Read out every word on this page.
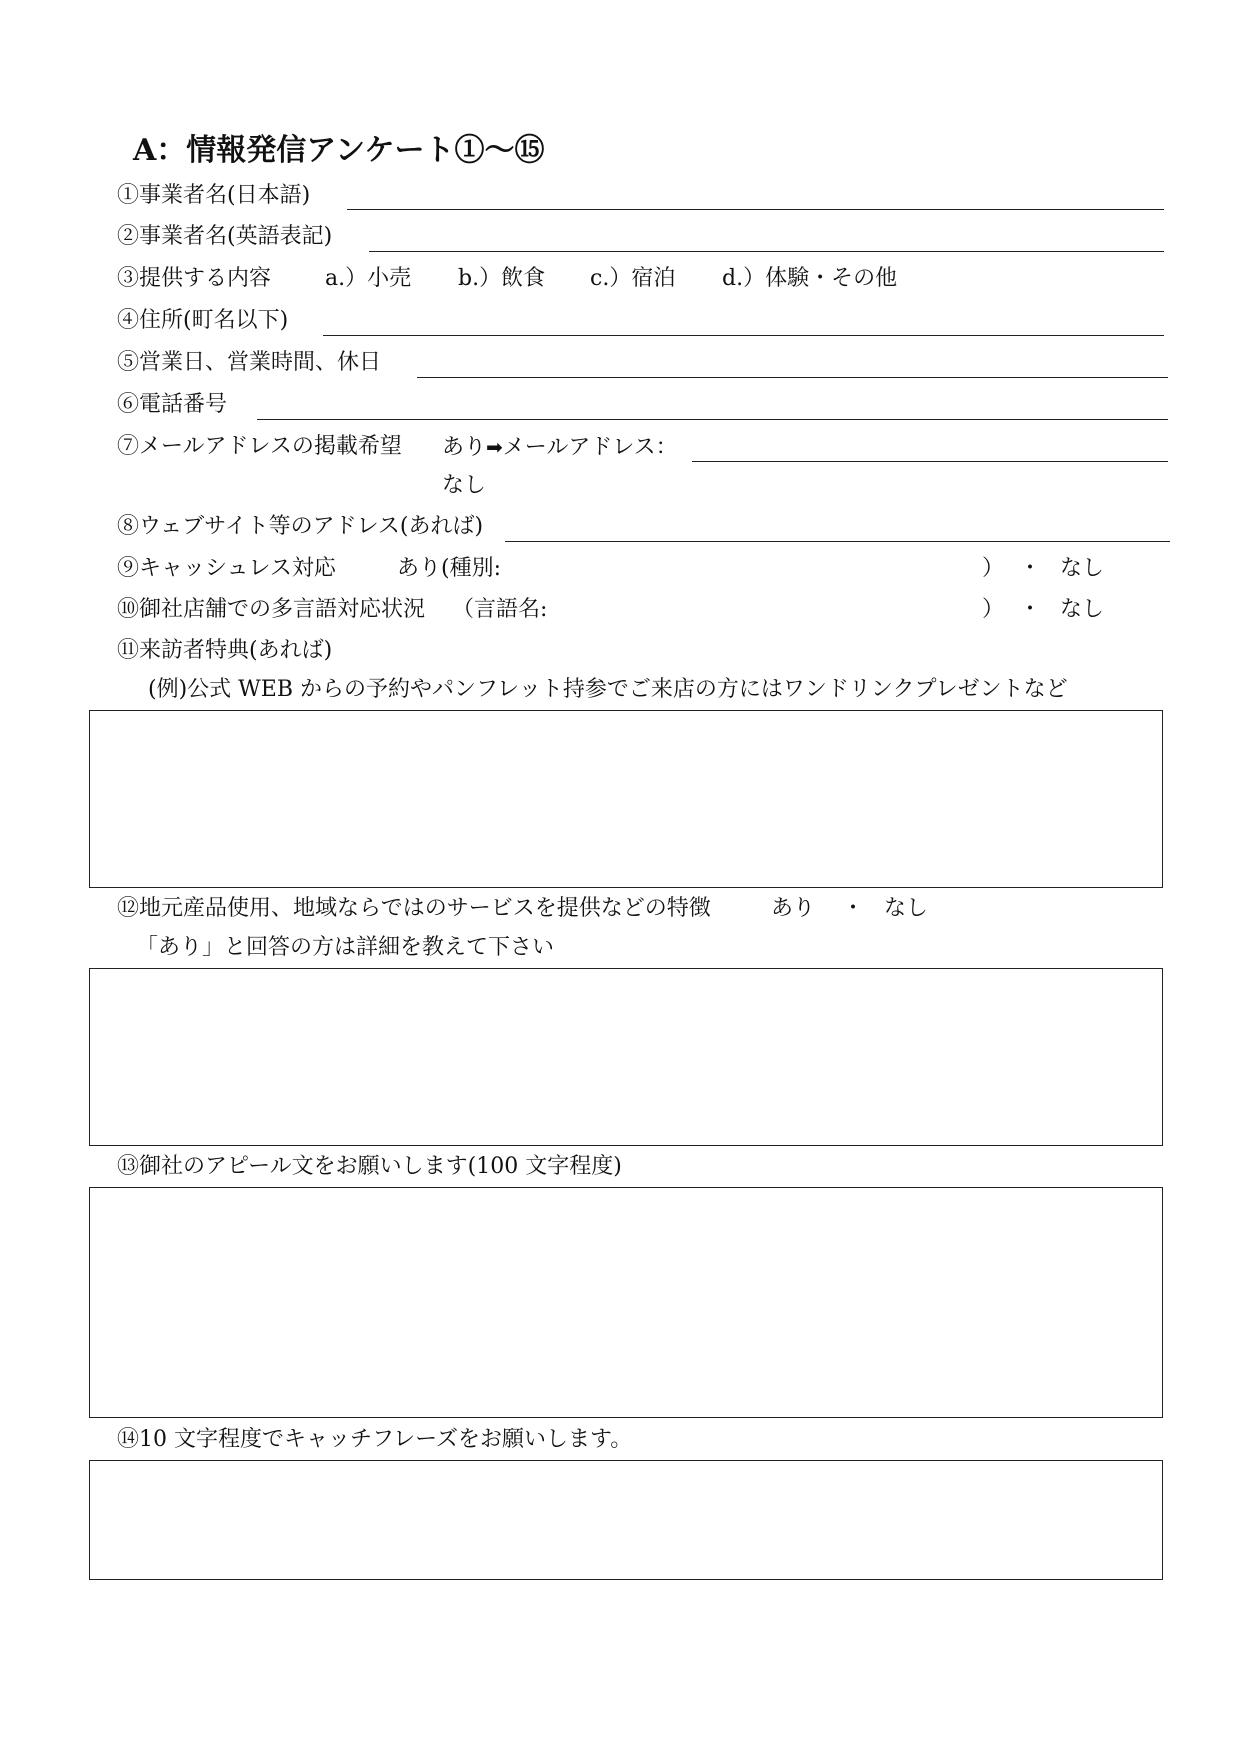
A：情報発信アンケート①～⑮
①事業者名(日本語)
②事業者名(英語表記)
③提供する内容 a.）小売 b.）飲食 c.）宿泊 d.）体験・その他
④住所(町名以下)
⑤営業日、営業時間、休日
⑥電話番号
⑦メールアドレスの掲載希望 あり➡メールアドレス：
なし
⑧ウェブサイト等のアドレス(あれば)
⑨キャッシュレス対応	あり(種別:	） ・ なし
⑩御社店舗での多言語対応状況 （言語名:	） ・ なし
⑪来訪者特典(あれば)
(例)公式 WEB からの予約やパンフレット持参でご来店の方にはワンドリンクプレゼントなど
⑫地元産品使用、地域ならではのサービスを提供などの特徴	あり ・ なし
「あり」と回答の方は詳細を教えて下さい
⑬御社のアピール文をお願いします(100 文字程度)
⑭10 文字程度でキャッチフレーズをお願いします。
